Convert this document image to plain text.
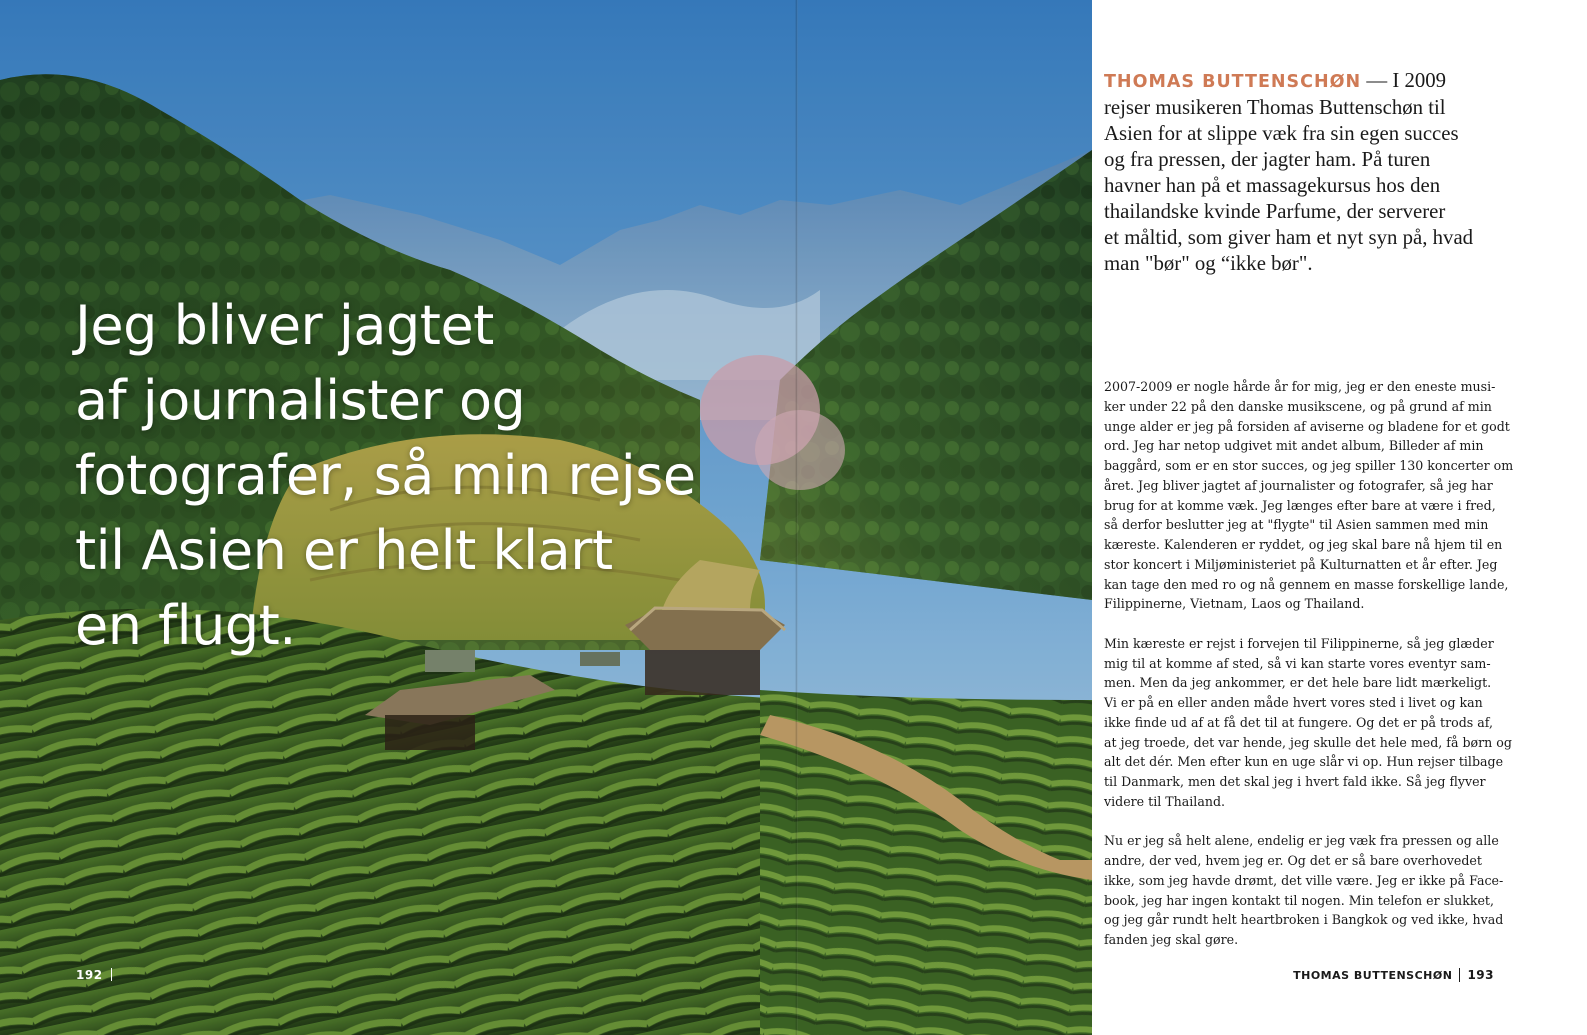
Jeg bliver jagtet
af journalister og
fotografer, så min rejse
til Asien er helt klart
en flugt.
192
THOMAS BUTTENSCHØN — I 2009
rejser musikeren Thomas Buttenschøn til
Asien for at slippe væk fra sin egen succes
og fra pressen, der jagter ham. På turen
havner han på et massagekursus hos den
thailandske kvinde Parfume, der serverer
et måltid, som giver ham et nyt syn på, hvad
man "bør" og “ikke bør".
2007-2009 er nogle hårde år for mig, jeg er den eneste musi-
ker under 22 på den danske musikscene, og på grund af min
unge alder er jeg på forsiden af aviserne og bladene for et godt
ord. Jeg har netop udgivet mit andet album, Billeder af min
baggård, som er en stor succes, og jeg spiller 130 koncerter om
året. Jeg bliver jagtet af journalister og fotografer, så jeg har
brug for at komme væk. Jeg længes efter bare at være i fred,
så derfor beslutter jeg at "flygte" til Asien sammen med min
kæreste. Kalenderen er ryddet, og jeg skal bare nå hjem til en
stor koncert i Miljøministeriet på Kulturnatten et år efter. Jeg
kan tage den med ro og nå gennem en masse forskellige lande,
Filippinerne, Vietnam, Laos og Thailand.
Min kæreste er rejst i forvejen til Filippinerne, så jeg glæder
mig til at komme af sted, så vi kan starte vores eventyr sam-
men. Men da jeg ankommer, er det hele bare lidt mærkeligt.
Vi er på en eller anden måde hvert vores sted i livet og kan
ikke finde ud af at få det til at fungere. Og det er på trods af,
at jeg troede, det var hende, jeg skulle det hele med, få børn og
alt det dér. Men efter kun en uge slår vi op. Hun rejser tilbage
til Danmark, men det skal jeg i hvert fald ikke. Så jeg flyver
videre til Thailand.
Nu er jeg så helt alene, endelig er jeg væk fra pressen og alle
andre, der ved, hvem jeg er. Og det er så bare overhovedet
ikke, som jeg havde drømt, det ville være. Jeg er ikke på Face-
book, jeg har ingen kontakt til nogen. Min telefon er slukket,
og jeg går rundt helt heartbroken i Bangkok og ved ikke, hvad
fanden jeg skal gøre.
THOMAS BUTTENSCHØN 193
